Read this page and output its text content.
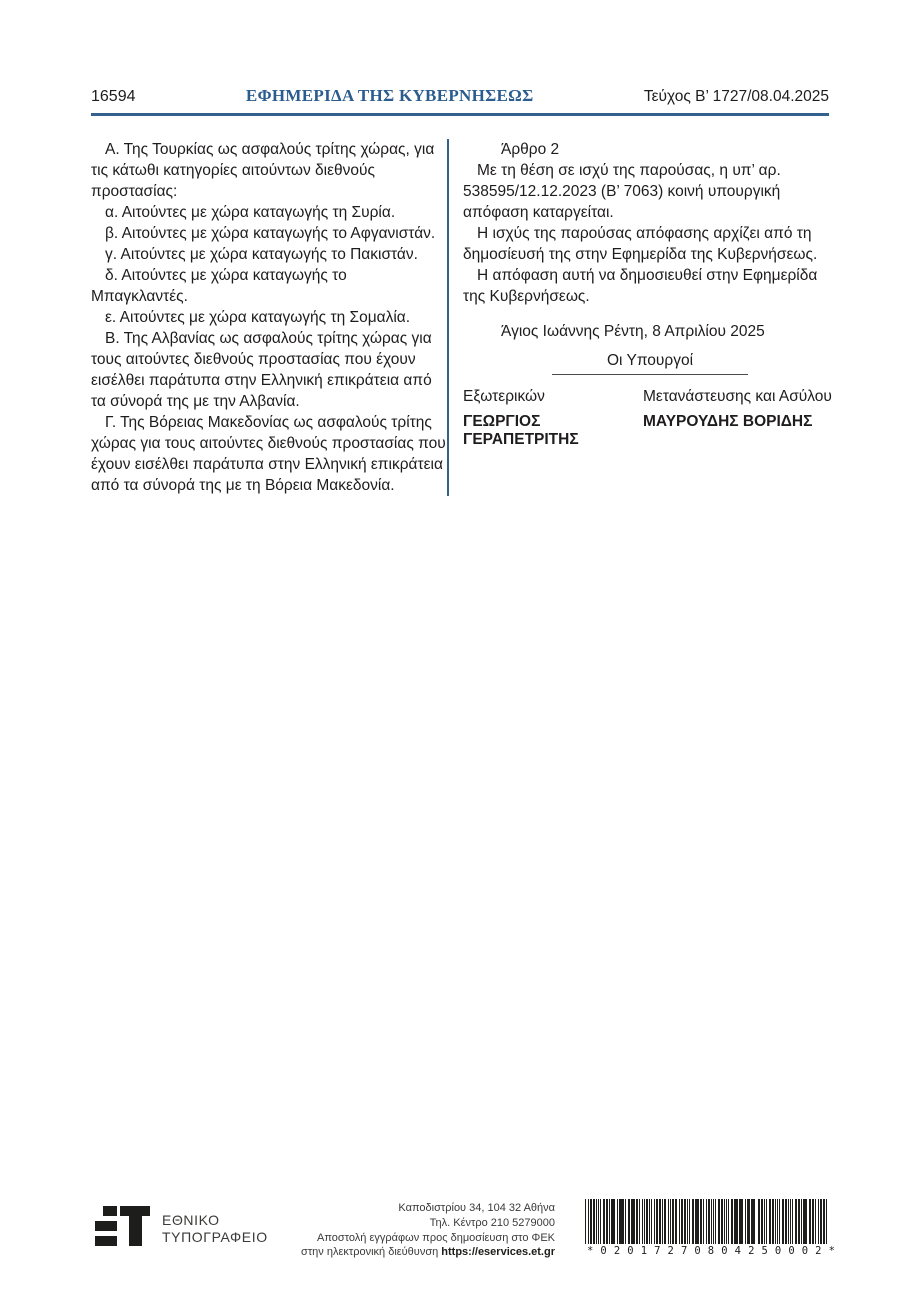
16594	ΕΦΗΜΕΡΙΔΑ ΤΗΣ ΚΥΒΕΡΝΗΣΕΩΣ	Τεύχος Β’ 1727/08.04.2025

Α. Της Τουρκίας ως ασφαλούς τρίτης χώρας, για τις κάτωθι κατηγορίες αιτούντων διεθνούς προστασίας:

α. Αιτούντες με χώρα καταγωγής τη Συρία.

β. Αιτούντες με χώρα καταγωγής το Αφγανιστάν.

γ. Αιτούντες με χώρα καταγωγής το Πακιστάν.

δ. Αιτούντες με χώρα καταγωγής το Μπαγκλαντές.

ε. Αιτούντες με χώρα καταγωγής τη Σομαλία.

Β. Της Αλβανίας ως ασφαλούς τρίτης χώρας για τους αιτούντες διεθνούς προστασίας που έχουν εισέλθει παράτυπα στην Ελληνική επικράτεια από τα σύνορά της με την Αλβανία.

Γ. Της Βόρειας Μακεδονίας ως ασφαλούς τρίτης χώρας για τους αιτούντες διεθνούς προστασίας που έχουν εισέλθει παράτυπα στην Ελληνική επικράτεια από τα σύνορά της με τη Βόρεια Μακεδονία.

Άρθρο 2

Με τη θέση σε ισχύ της παρούσας, η υπ’ αρ. 538595/12.12.2023 (Β’ 7063) κοινή υπουργική απόφαση καταργείται.

Η ισχύς της παρούσας απόφασης αρχίζει από τη δημοσίευσή της στην Εφημερίδα της Κυβερνήσεως.

Η απόφαση αυτή να δημοσιευθεί στην Εφημερίδα της Κυβερνήσεως.

Άγιος Ιωάννης Ρέντη, 8 Απριλίου 2025

Οι Υπουργοί

Εξωτερικών	Μετανάστευσης και Ασύλου
ΓΕΩΡΓΙΟΣ ΓΕΡΑΠΕΤΡΙΤΗΣ
ΜΑΥΡΟΥΔΗΣ ΒΟΡΙΔΗΣ
ΕΘΝΙΚΟ
ΤΥΠΟΓΡΑΦΕΙΟ
Καποδιστρίου 34, 104 32 Αθήνα
Τηλ. Κέντρο 210 5279000
Αποστολή εγγράφων προς δημοσίευση στο ΦΕΚ
στην ηλεκτρονική διεύθυνση https://eservices.et.gr	* 0 2 0 1 7 2 7 0 8 0 4 2 5 0 0 0 2 *
